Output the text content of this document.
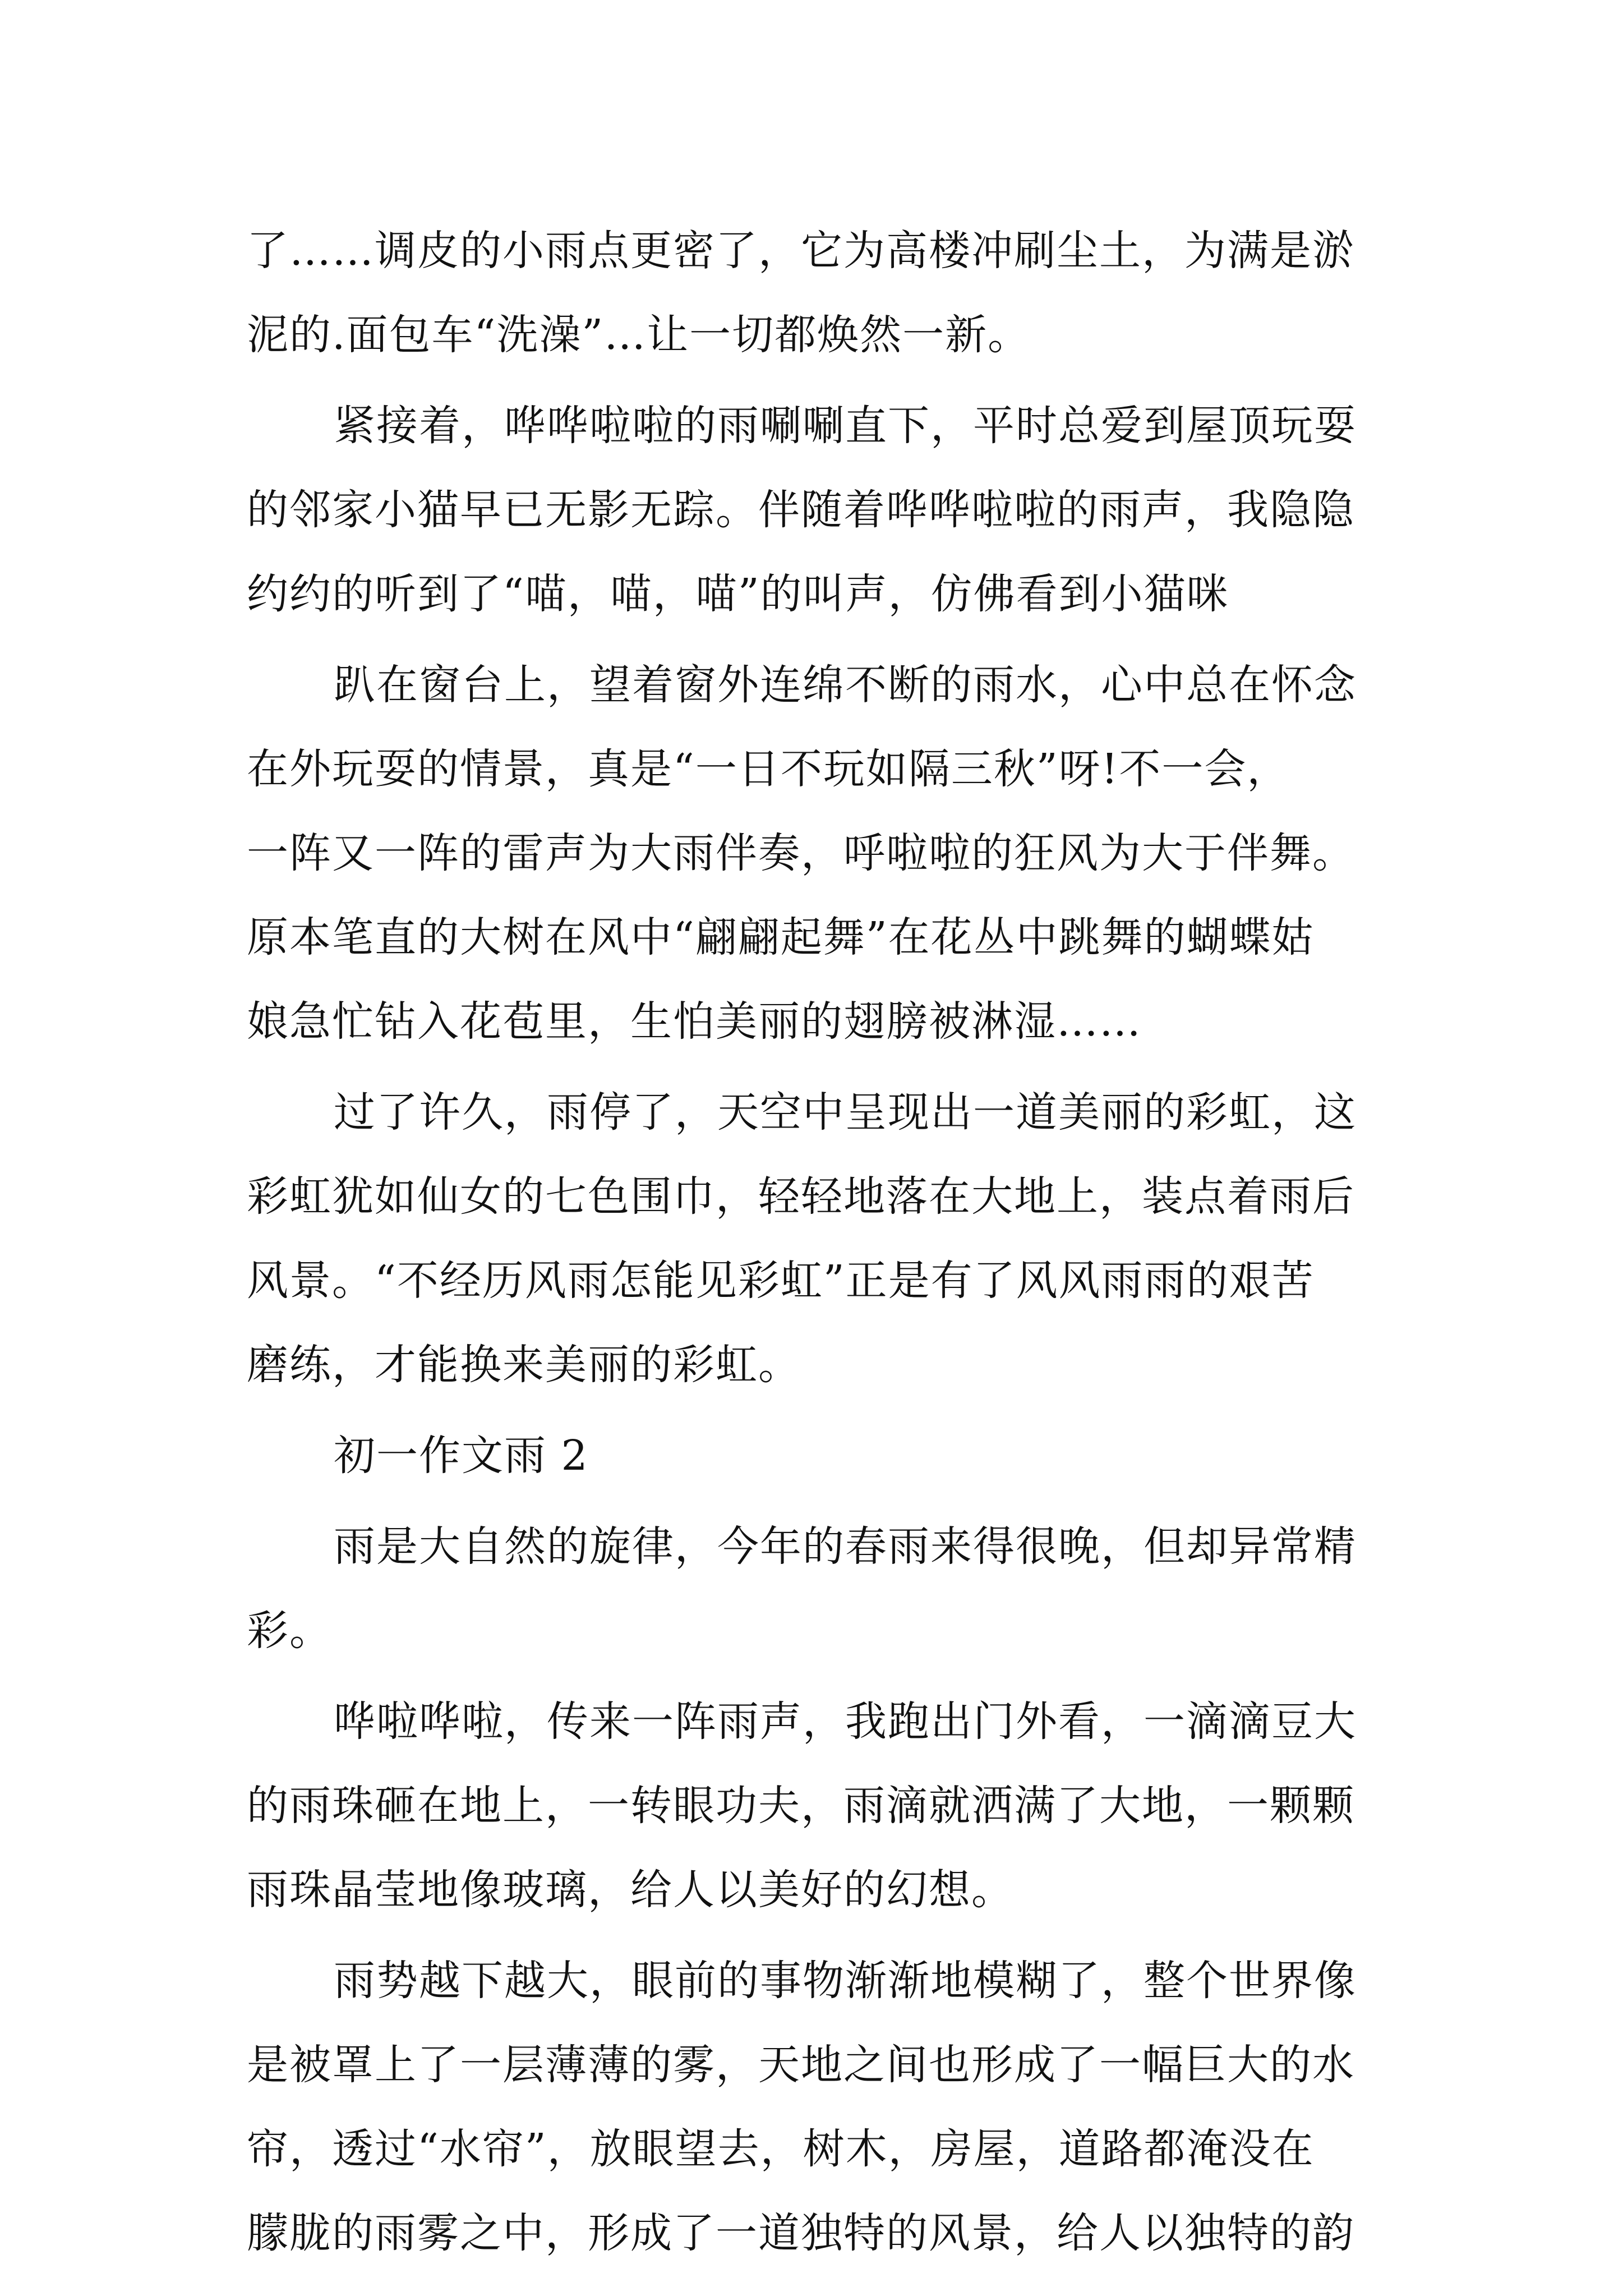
了……调皮的小雨点更密了，它为高楼冲刷尘土，为满是淤
泥的.面包车“洗澡”…让一切都焕然一新。
紧接着，哗哗啦啦的雨唰唰直下，平时总爱到屋顶玩耍
的邻家小猫早已无影无踪。伴随着哗哗啦啦的雨声，我隐隐
约约的听到了“喵，喵，喵”的叫声，仿佛看到小猫咪
趴在窗台上，望着窗外连绵不断的雨水，心中总在怀念
在外玩耍的情景，真是“一日不玩如隔三秋”呀!不一会，
一阵又一阵的雷声为大雨伴奏，呼啦啦的狂风为大于伴舞。
原本笔直的大树在风中“翩翩起舞”在花丛中跳舞的蝴蝶姑
娘急忙钻入花苞里，生怕美丽的翅膀被淋湿……
过了许久，雨停了，天空中呈现出一道美丽的彩虹，这
彩虹犹如仙女的七色围巾，轻轻地落在大地上，装点着雨后
风景。“不经历风雨怎能见彩虹”正是有了风风雨雨的艰苦
磨练，才能换来美丽的彩虹。
初一作文雨 2
雨是大自然的旋律，今年的春雨来得很晚，但却异常精
彩。
哗啦哗啦，传来一阵雨声，我跑出门外看，一滴滴豆大
的雨珠砸在地上，一转眼功夫，雨滴就洒满了大地，一颗颗
雨珠晶莹地像玻璃，给人以美好的幻想。
雨势越下越大，眼前的事物渐渐地模糊了，整个世界像
是被罩上了一层薄薄的雾，天地之间也形成了一幅巨大的水
帘，透过“水帘”，放眼望去，树木，房屋，道路都淹没在
朦胧的雨雾之中，形成了一道独特的风景，给人以独特的韵
